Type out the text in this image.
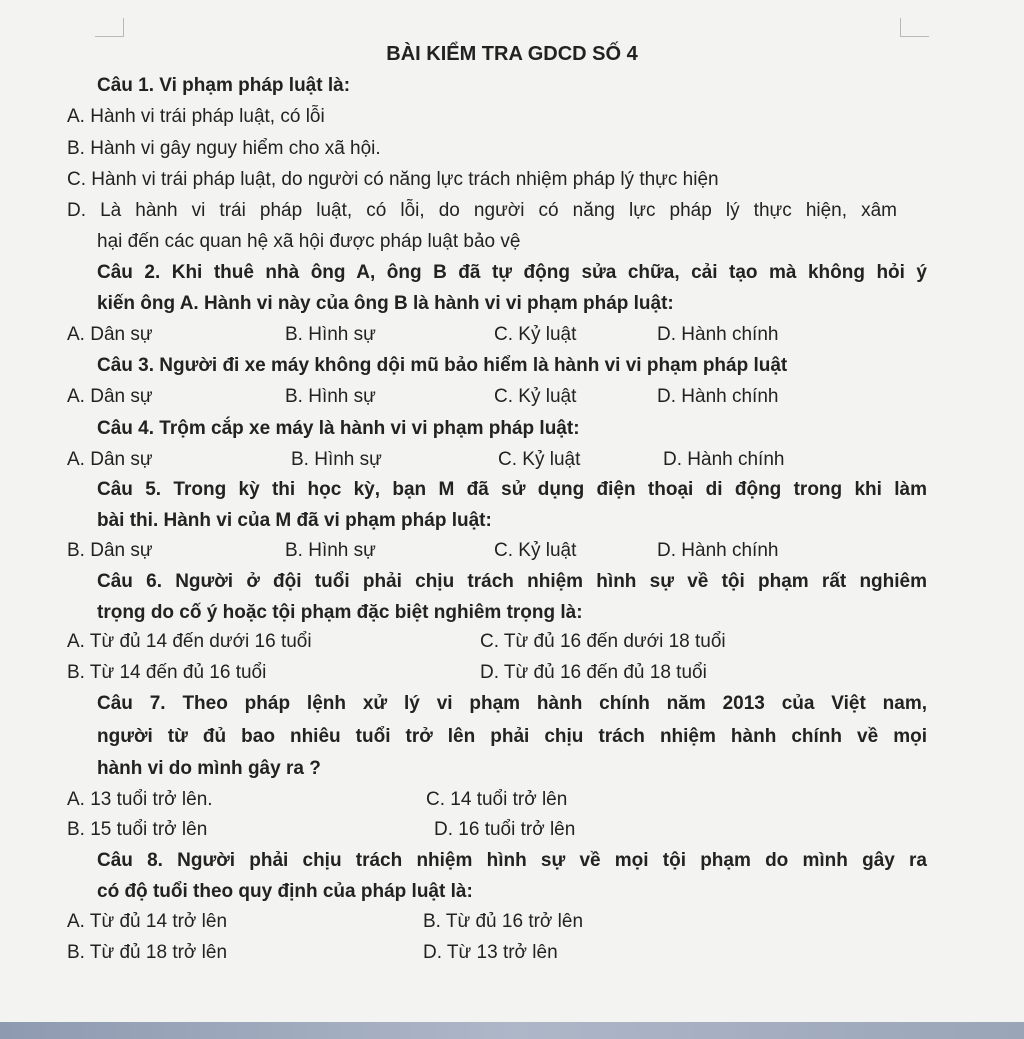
BÀI KIỂM TRA GDCD SỐ 4
Câu 1. Vi phạm pháp luật là:
A. Hành vi trái pháp luật, có lỗi
B. Hành vi gây nguy hiểm cho xã hội.
C. Hành vi trái pháp luật, do người có năng lực trách nhiệm pháp lý thực hiện
D. Là hành vi trái pháp luật, có lỗi, do người có năng lực pháp lý thực hiện, xâm
hại đến các quan hệ xã hội được pháp luật bảo vệ
Câu 2. Khi thuê nhà ông A, ông B đã tự động sửa chữa, cải tạo mà không hỏi ý
kiến ông A. Hành vi này của ông B là hành vi vi phạm pháp luật:
A. Dân sự	B. Hình sự	C. Kỷ luật	D. Hành chính
Câu 3. Người đi xe máy không dội mũ bảo hiểm là hành vi vi phạm pháp luật
A. Dân sự	B. Hình sự	C. Kỷ luật	D. Hành chính
Câu 4. Trộm cắp xe máy là hành vi vi phạm pháp luật:
A. Dân sự	B. Hình sự	C. Kỷ luật	D. Hành chính
Câu 5. Trong kỳ thi học kỳ, bạn M đã sử dụng điện thoại di động trong khi làm
bài thi. Hành vi của M đã vi phạm pháp luật:
B. Dân sự	B. Hình sự	C. Kỷ luật	D. Hành chính
Câu 6. Người ở đội tuổi phải chịu trách nhiệm hình sự về tội phạm rất nghiêm
trọng do cố ý hoặc tội phạm đặc biệt nghiêm trọng là:
A. Từ đủ 14 đến dưới 16 tuổi	C. Từ đủ 16 đến dưới 18 tuổi
B. Từ 14 đến đủ 16 tuổi	D. Từ đủ 16 đến đủ 18 tuổi
Câu 7. Theo pháp lệnh xử lý vi phạm hành chính năm 2013 của Việt nam,
người từ đủ bao nhiêu tuổi trở lên phải chịu trách nhiệm hành chính về mọi
hành vi do mình gây ra ?
A. 13 tuổi trở lên.	C. 14 tuổi trở lên
B. 15 tuổi trở lên	D. 16 tuổi trở lên
Câu 8. Người phải chịu trách nhiệm hình sự về mọi tội phạm do mình gây ra
có độ tuổi theo quy định của pháp luật là:
A. Từ đủ 14 trở lên	B. Từ đủ 16 trở lên
B. Từ đủ 18 trở lên	D. Từ 13 trở lên
